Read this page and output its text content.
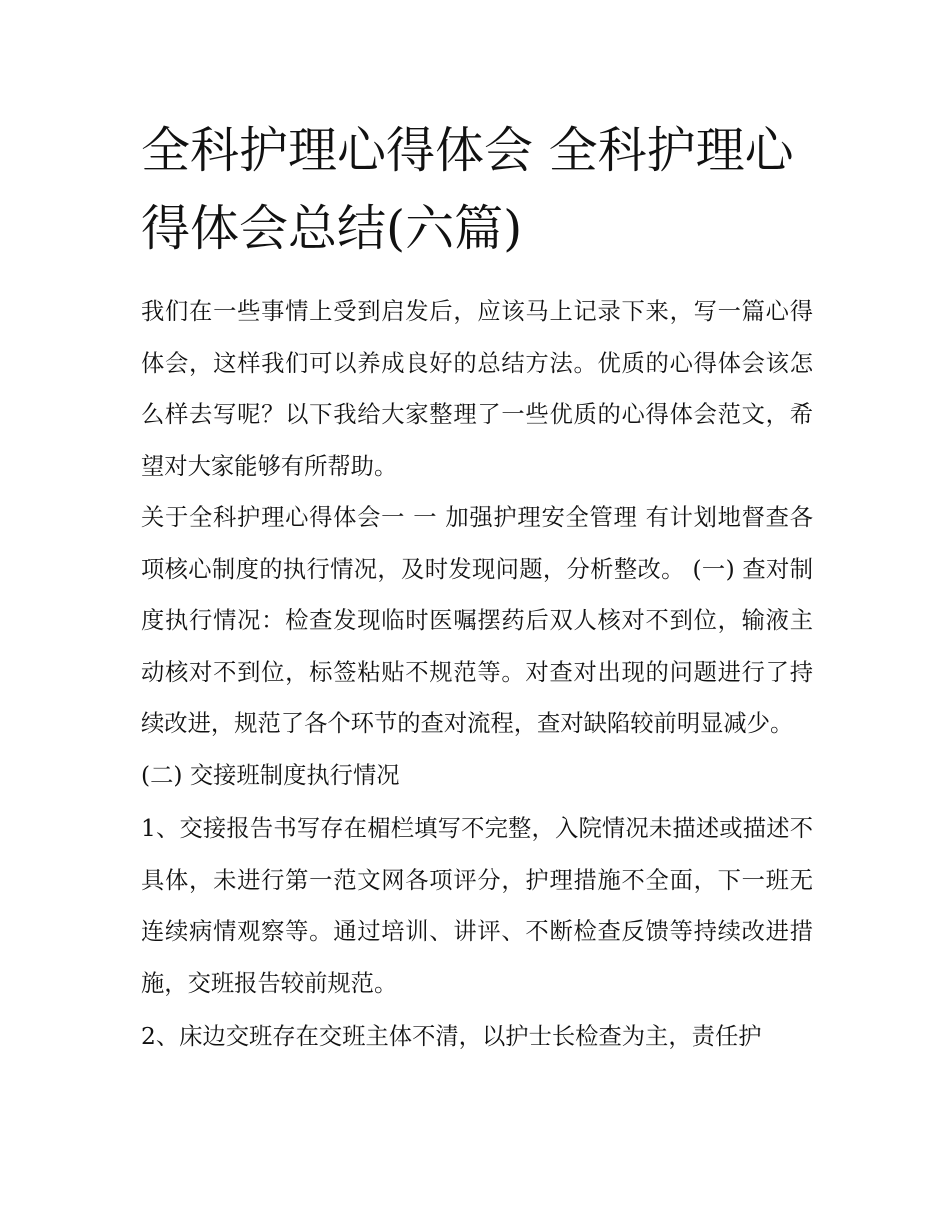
全科护理心得体会 全科护理心得体会总结(六篇)

我们在一些事情上受到启发后，应该马上记录下来，写一篇心得体会，这样我们可以养成良好的总结方法。优质的心得体会该怎么样去写呢？以下我给大家整理了一些优质的心得体会范文，希望对大家能够有所帮助。

关于全科护理心得体会一 一 加强护理安全管理 有计划地督查各项核心制度的执行情况，及时发现问题，分析整改。 (一) 查对制度执行情况：检查发现临时医嘱摆药后双人核对不到位，输液主动核对不到位，标签粘贴不规范等。对查对出现的问题进行了持续改进，规范了各个环节的查对流程，查对缺陷较前明显减少。

(二) 交接班制度执行情况

1、交接报告书写存在楣栏填写不完整，入院情况未描述或描述不具体，未进行第一范文网各项评分，护理措施不全面，下一班无连续病情观察等。通过培训、讲评、不断检查反馈等持续改进措施，交班报告较前规范。

2、床边交班存在交班主体不清，以护士长检查为主，责任护
